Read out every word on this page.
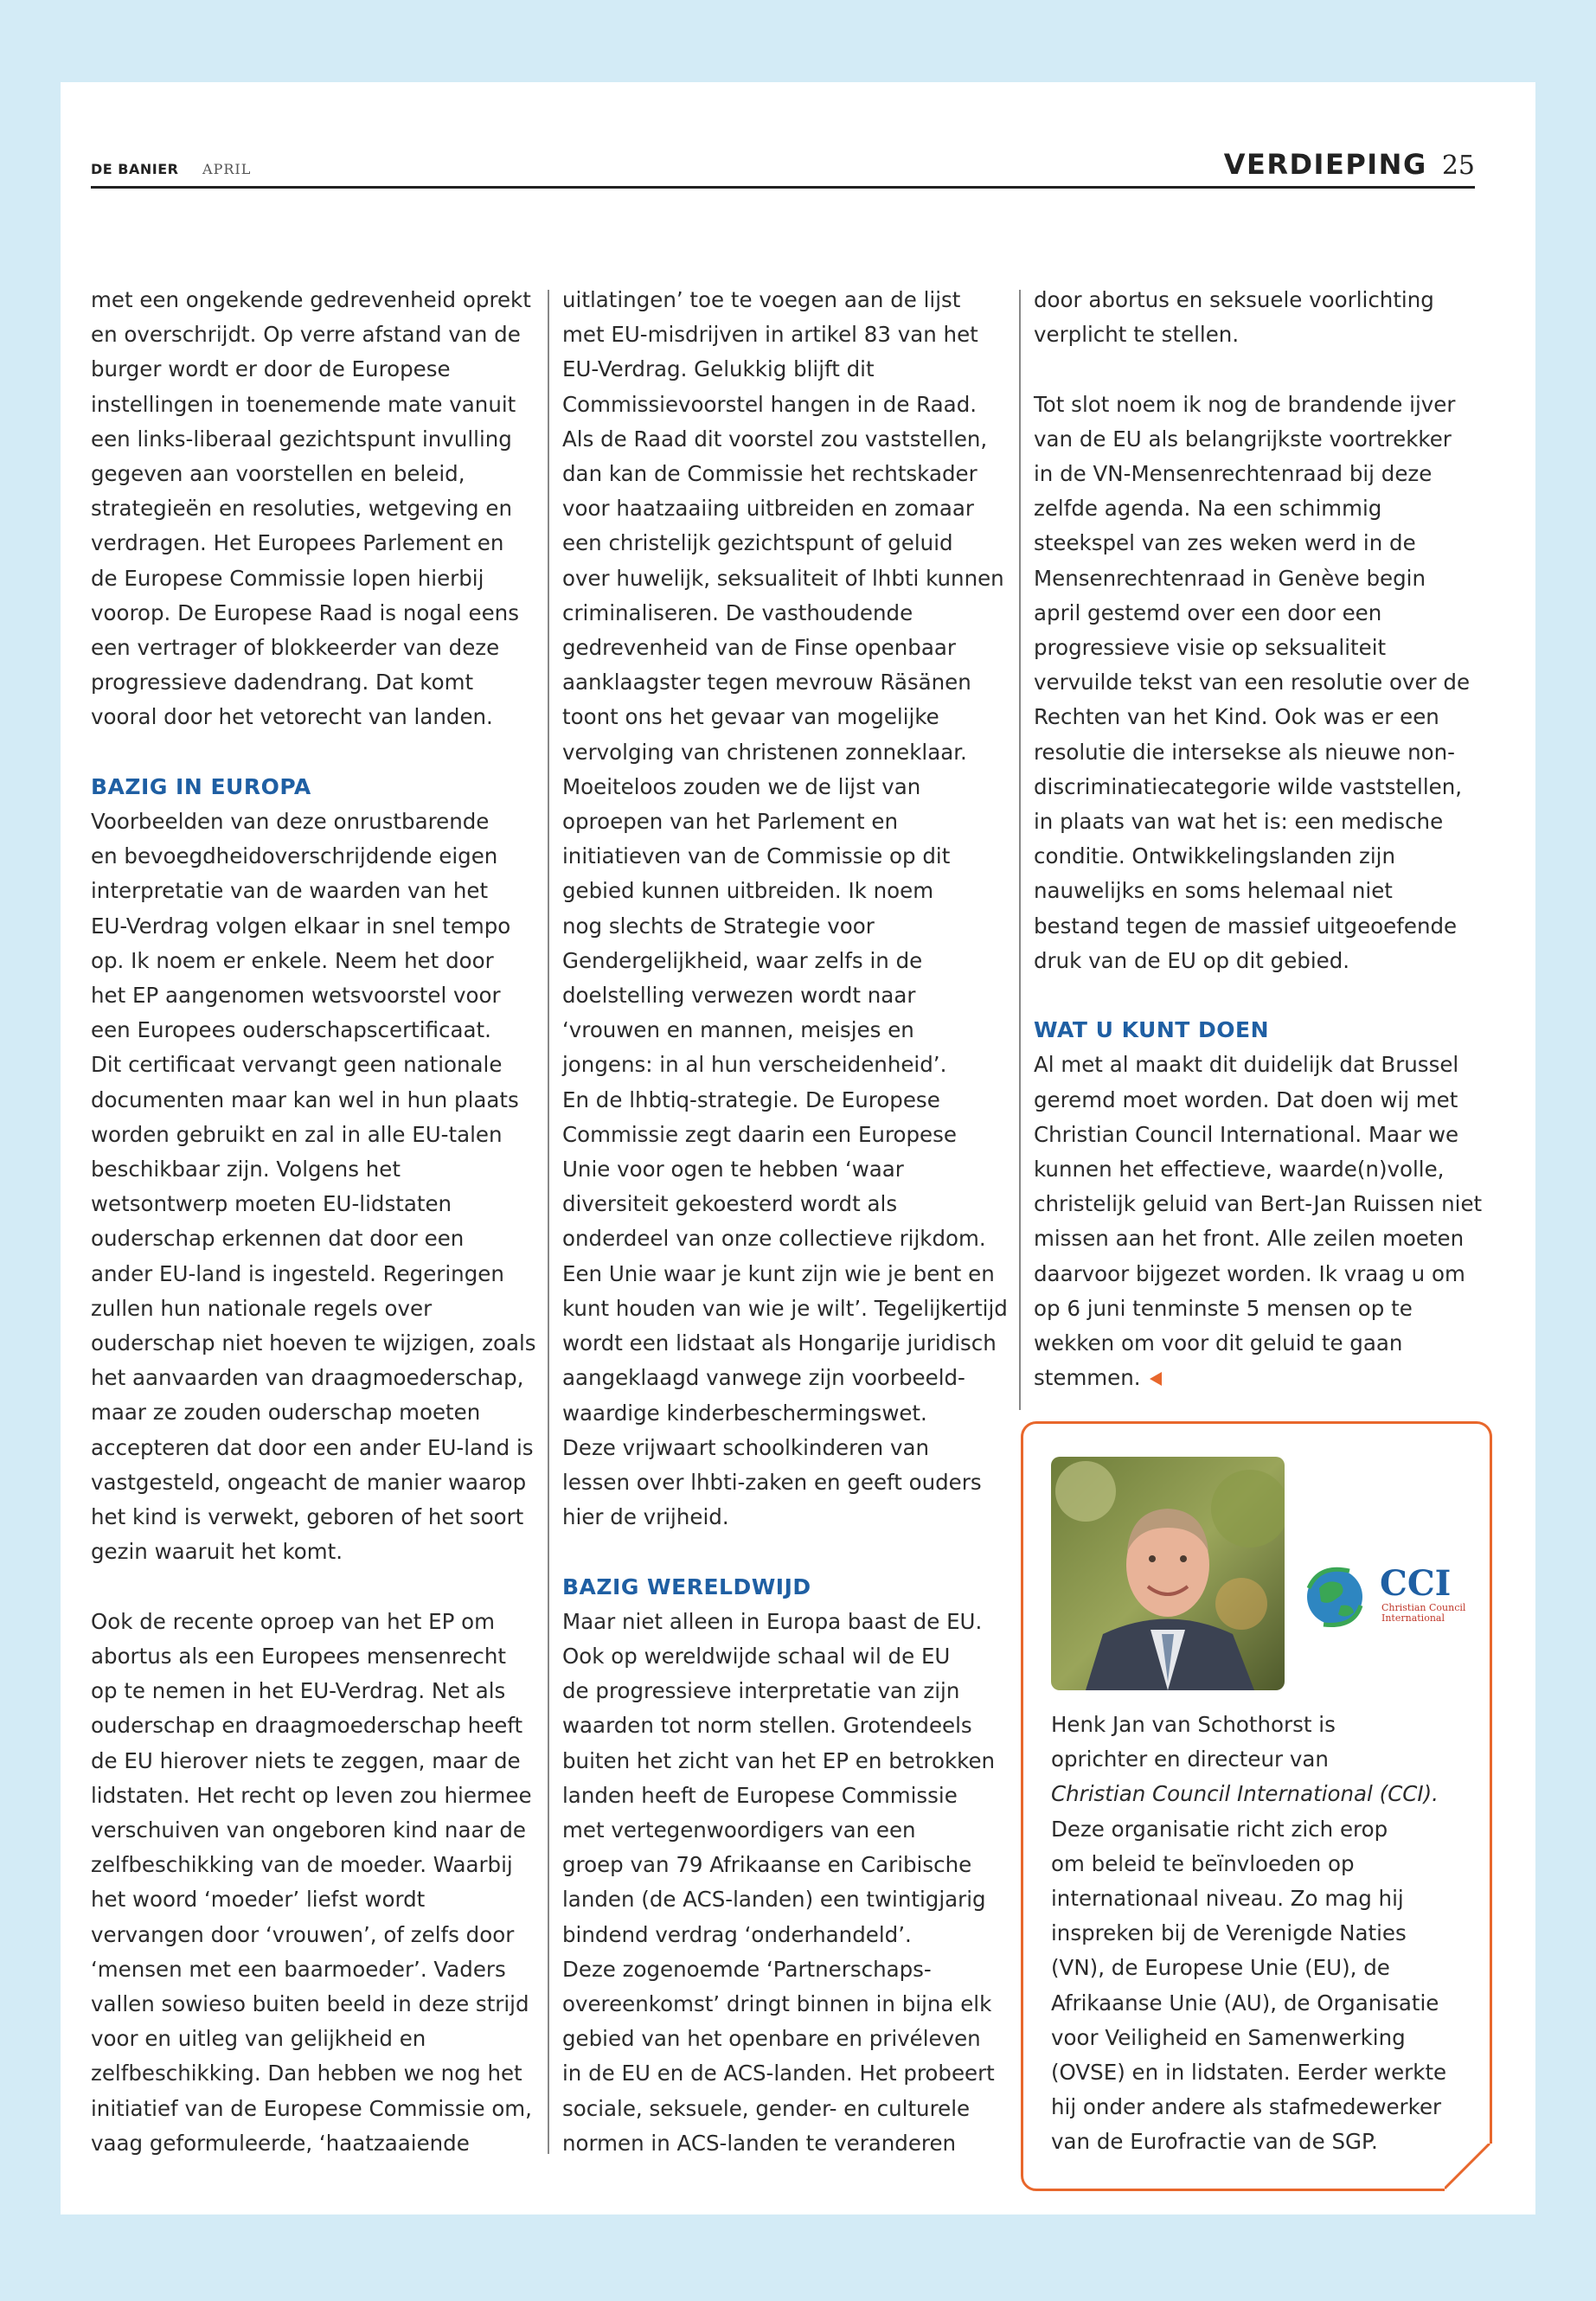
DE BANIER APRIL	VERDIEPING 25

met een ongekende gedrevenheid oprekt

en overschrijdt. Op verre afstand van de

burger wordt er door de Europese

instellingen in toenemende mate vanuit

een links-liberaal gezichtspunt invulling

gegeven aan voorstellen en beleid,

strategieën en resoluties, wetgeving en

verdragen. Het Europees Parlement en

de Europese Commissie lopen hierbij

voorop. De Europese Raad is nogal eens

een vertrager of blokkeerder van deze

progressieve dadendrang. Dat komt

vooral door het vetorecht van landen.

BAZIG IN EUROPA

Voorbeelden van deze onrustbarende

en bevoegdheidoverschrijdende eigen

interpretatie van de waarden van het

EU-Verdrag volgen elkaar in snel tempo

op. Ik noem er enkele. Neem het door

het EP aangenomen wetsvoorstel voor

een Europees ouderschapscertificaat.

Dit certificaat vervangt geen nationale

documenten maar kan wel in hun plaats

worden gebruikt en zal in alle EU-talen

beschikbaar zijn. Volgens het

wetsontwerp moeten EU-lidstaten

ouderschap erkennen dat door een

ander EU-land is ingesteld. Regeringen

zullen hun nationale regels over

ouderschap niet hoeven te wijzigen, zoals

het aanvaarden van draagmoederschap,

maar ze zouden ouderschap moeten

accepteren dat door een ander EU-land is

vastgesteld, ongeacht de manier waarop

het kind is verwekt, geboren of het soort

gezin waaruit het komt.

Ook de recente oproep van het EP om

abortus als een Europees mensenrecht

op te nemen in het EU-Verdrag. Net als

ouderschap en draagmoederschap heeft

de EU hierover niets te zeggen, maar de

lidstaten. Het recht op leven zou hiermee

verschuiven van ongeboren kind naar de

zelfbeschikking van de moeder. Waarbij

het woord ‘moeder’ liefst wordt

vervangen door ‘vrouwen’, of zelfs door

‘mensen met een baarmoeder’. Vaders

vallen sowieso buiten beeld in deze strijd

voor en uitleg van gelijkheid en

zelfbeschikking. Dan hebben we nog het

initiatief van de Europese Commissie om,

vaag geformuleerde, ‘haatzaaiende

uitlatingen’ toe te voegen aan de lijst

met EU-misdrijven in artikel 83 van het

EU-Verdrag. Gelukkig blijft dit

Commissievoorstel hangen in de Raad.

Als de Raad dit voorstel zou vaststellen,

dan kan de Commissie het rechtskader

voor haatzaaiing uitbreiden en zomaar

een christelijk gezichtspunt of geluid

over huwelijk, seksualiteit of lhbti kunnen

criminaliseren. De vasthoudende

gedrevenheid van de Finse openbaar

aanklaagster tegen mevrouw Räsänen

toont ons het gevaar van mogelijke

vervolging van christenen zonneklaar.

Moeiteloos zouden we de lijst van

oproepen van het Parlement en

initiatieven van de Commissie op dit

gebied kunnen uitbreiden. Ik noem

nog slechts de Strategie voor

Gendergelijkheid, waar zelfs in de

doelstelling verwezen wordt naar

‘vrouwen en mannen, meisjes en

jongens: in al hun verscheidenheid’.

En de lhbtiq-strategie. De Europese

Commissie zegt daarin een Europese

Unie voor ogen te hebben ‘waar

diversiteit gekoesterd wordt als

onderdeel van onze collectieve rijkdom.

Een Unie waar je kunt zijn wie je bent en

kunt houden van wie je wilt’. Tegelijkertijd

wordt een lidstaat als Hongarije juridisch

aangeklaagd vanwege zijn voorbeeld-

waardige kinderbeschermingswet.

Deze vrijwaart schoolkinderen van

lessen over lhbti-zaken en geeft ouders

hier de vrijheid.

BAZIG WERELDWIJD

Maar niet alleen in Europa baast de EU.

Ook op wereldwijde schaal wil de EU

de progressieve interpretatie van zijn

waarden tot norm stellen. Grotendeels

buiten het zicht van het EP en betrokken

landen heeft de Europese Commissie

met vertegenwoordigers van een

groep van 79 Afrikaanse en Caribische

landen (de ACS-landen) een twintigjarig

bindend verdrag ‘onderhandeld’.

Deze zogenoemde ‘Partnerschaps-

overeenkomst’ dringt binnen in bijna elk

gebied van het openbare en privéleven

in de EU en de ACS-landen. Het probeert

sociale, seksuele, gender- en culturele

normen in ACS-landen te veranderen

door abortus en seksuele voorlichting

verplicht te stellen.

Tot slot noem ik nog de brandende ijver

van de EU als belangrijkste voortrekker

in de VN-Mensenrechtenraad bij deze

zelfde agenda. Na een schimmig

steekspel van zes weken werd in de

Mensenrechtenraad in Genève begin

april gestemd over een door een

progressieve visie op seksualiteit

vervuilde tekst van een resolutie over de

Rechten van het Kind. Ook was er een

resolutie die intersekse als nieuwe non-

discriminatiecategorie wilde vaststellen,

in plaats van wat het is: een medische

conditie. Ontwikkelingslanden zijn

nauwelijks en soms helemaal niet

bestand tegen de massief uitgeoefende

druk van de EU op dit gebied.

WAT U KUNT DOEN

Al met al maakt dit duidelijk dat Brussel

geremd moet worden. Dat doen wij met

Christian Council International. Maar we

kunnen het effectieve, waarde(n)volle,

christelijk geluid van Bert-Jan Ruissen niet

missen aan het front. Alle zeilen moeten

daarvoor bijgezet worden. Ik vraag u om

op 6 juni tenminste 5 mensen op te

wekken om voor dit geluid te gaan

stemmen.

CCI
Christian Council
International

Henk Jan van Schothorst is

oprichter en directeur van

Christian Council International (CCI).

Deze organisatie richt zich erop

om beleid te beïnvloeden op

internationaal niveau. Zo mag hij

inspreken bij de Verenigde Naties

(VN), de Europese Unie (EU), de

Afrikaanse Unie (AU), de Organisatie

voor Veiligheid en Samenwerking

(OVSE) en in lidstaten. Eerder werkte

hij onder andere als stafmedewerker

van de Eurofractie van de SGP.
